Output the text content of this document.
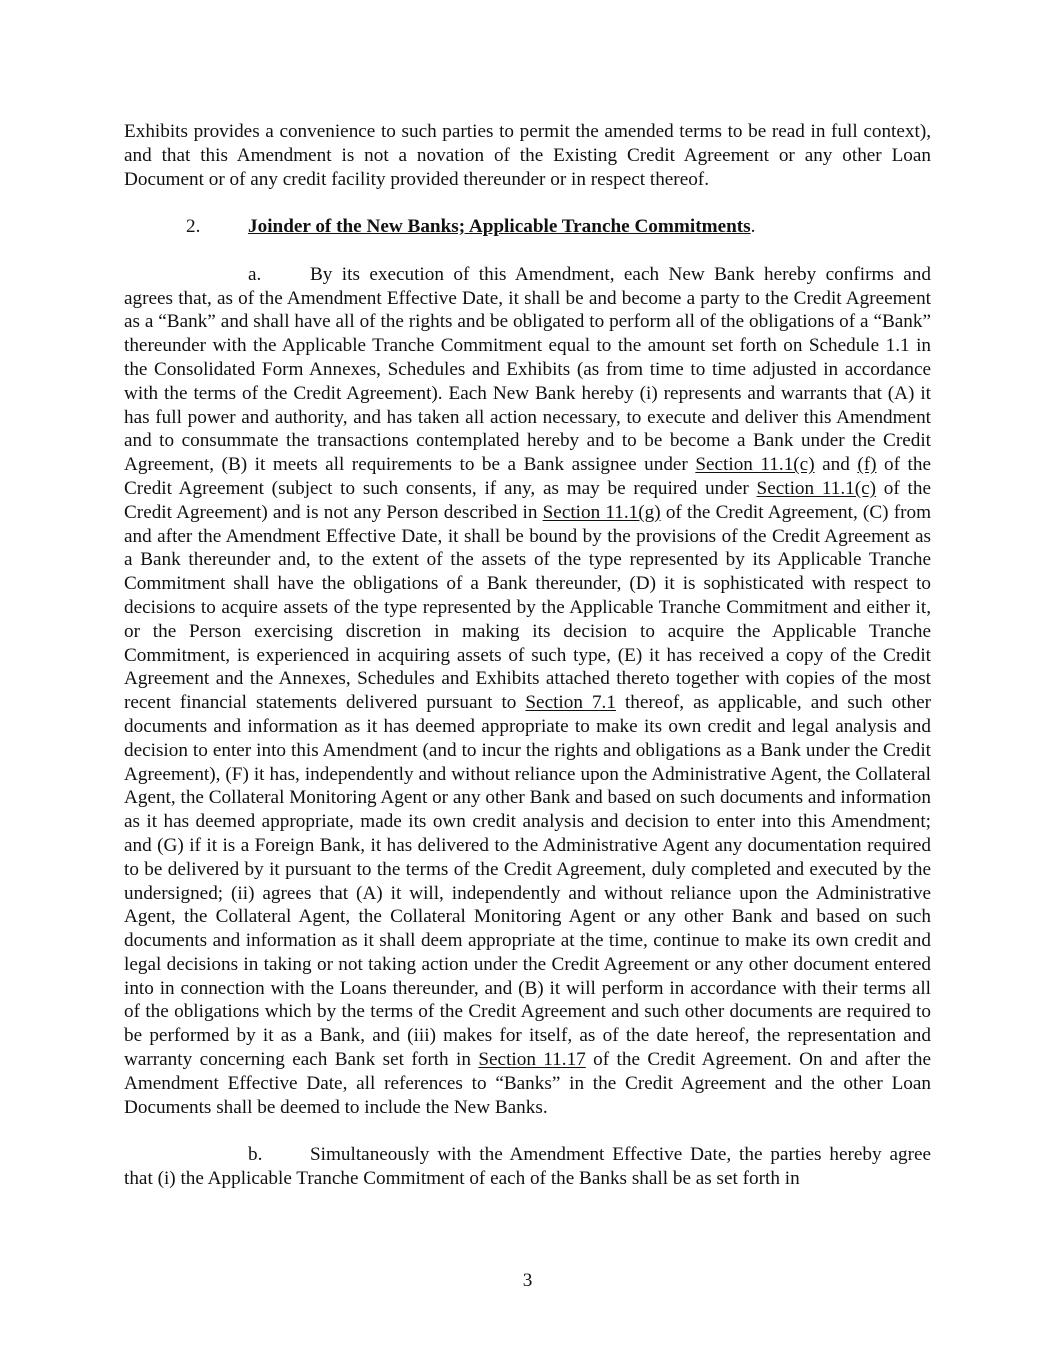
Exhibits provides a convenience to such parties to permit the amended terms to be read in full context), and that this Amendment is not a novation of the Existing Credit Agreement or any other Loan Document or of any credit facility provided thereunder or in respect thereof.

2. Joinder of the New Banks; Applicable Tranche Commitments.

a.	By its execution of this Amendment, each New Bank hereby confirms and agrees that, as of the Amendment Effective Date, it shall be and become a party to the Credit Agreement as a “Bank” and shall have all of the rights and be obligated to perform all of the obligations of a “Bank” thereunder with the Applicable Tranche Commitment equal to the amount set forth on Schedule 1.1 in the Consolidated Form Annexes, Schedules and Exhibits (as from time to time adjusted in accordance with the terms of the Credit Agreement). Each New Bank hereby (i) represents and warrants that (A) it has full power and authority, and has taken all action necessary, to execute and deliver this Amendment and to consummate the transactions contemplated hereby and to be become a Bank under the Credit Agreement, (B) it meets all requirements to be a Bank assignee under Section 11.1(c) and (f) of the Credit Agreement (subject to such consents, if any, as may be required under Section 11.1(c) of the Credit Agreement) and is not any Person described in Section 11.1(g) of the Credit Agreement, (C) from and after the Amendment Effective Date, it shall be bound by the provisions of the Credit Agreement as a Bank thereunder and, to the extent of the assets of the type represented by its Applicable Tranche Commitment shall have the obligations of a Bank thereunder, (D) it is sophisticated with respect to decisions to acquire assets of the type represented by the Applicable Tranche Commitment and either it, or the Person exercising discretion in making its decision to acquire the Applicable Tranche Commitment, is experienced in acquiring assets of such type, (E) it has received a copy of the Credit Agreement and the Annexes, Schedules and Exhibits attached thereto together with copies of the most recent financial statements delivered pursuant to Section 7.1 thereof, as applicable, and such other documents and information as it has deemed appropriate to make its own credit and legal analysis and decision to enter into this Amendment (and to incur the rights and obligations as a Bank under the Credit Agreement), (F) it has, independently and without reliance upon the Administrative Agent, the Collateral Agent, the Collateral Monitoring Agent or any other Bank and based on such documents and information as it has deemed appropriate, made its own credit analysis and decision to enter into this Amendment; and (G) if it is a Foreign Bank, it has delivered to the Administrative Agent any documentation required to be delivered by it pursuant to the terms of the Credit Agreement, duly completed and executed by the undersigned; (ii) agrees that (A) it will, independently and without reliance upon the Administrative Agent, the Collateral Agent, the Collateral Monitoring Agent or any other Bank and based on such documents and information as it shall deem appropriate at the time, continue to make its own credit and legal decisions in taking or not taking action under the Credit Agreement or any other document entered into in connection with the Loans thereunder, and (B) it will perform in accordance with their terms all of the obligations which by the terms of the Credit Agreement and such other documents are required to be performed by it as a Bank, and (iii) makes for itself, as of the date hereof, the representation and warranty concerning each Bank set forth in Section 11.17 of the Credit Agreement. On and after the Amendment Effective Date, all references to “Banks” in the Credit Agreement and the other Loan Documents shall be deemed to include the New Banks.

b. Simultaneously with the Amendment Effective Date, the parties hereby agree that (i) the Applicable Tranche Commitment of each of the Banks shall be as set forth in

3
